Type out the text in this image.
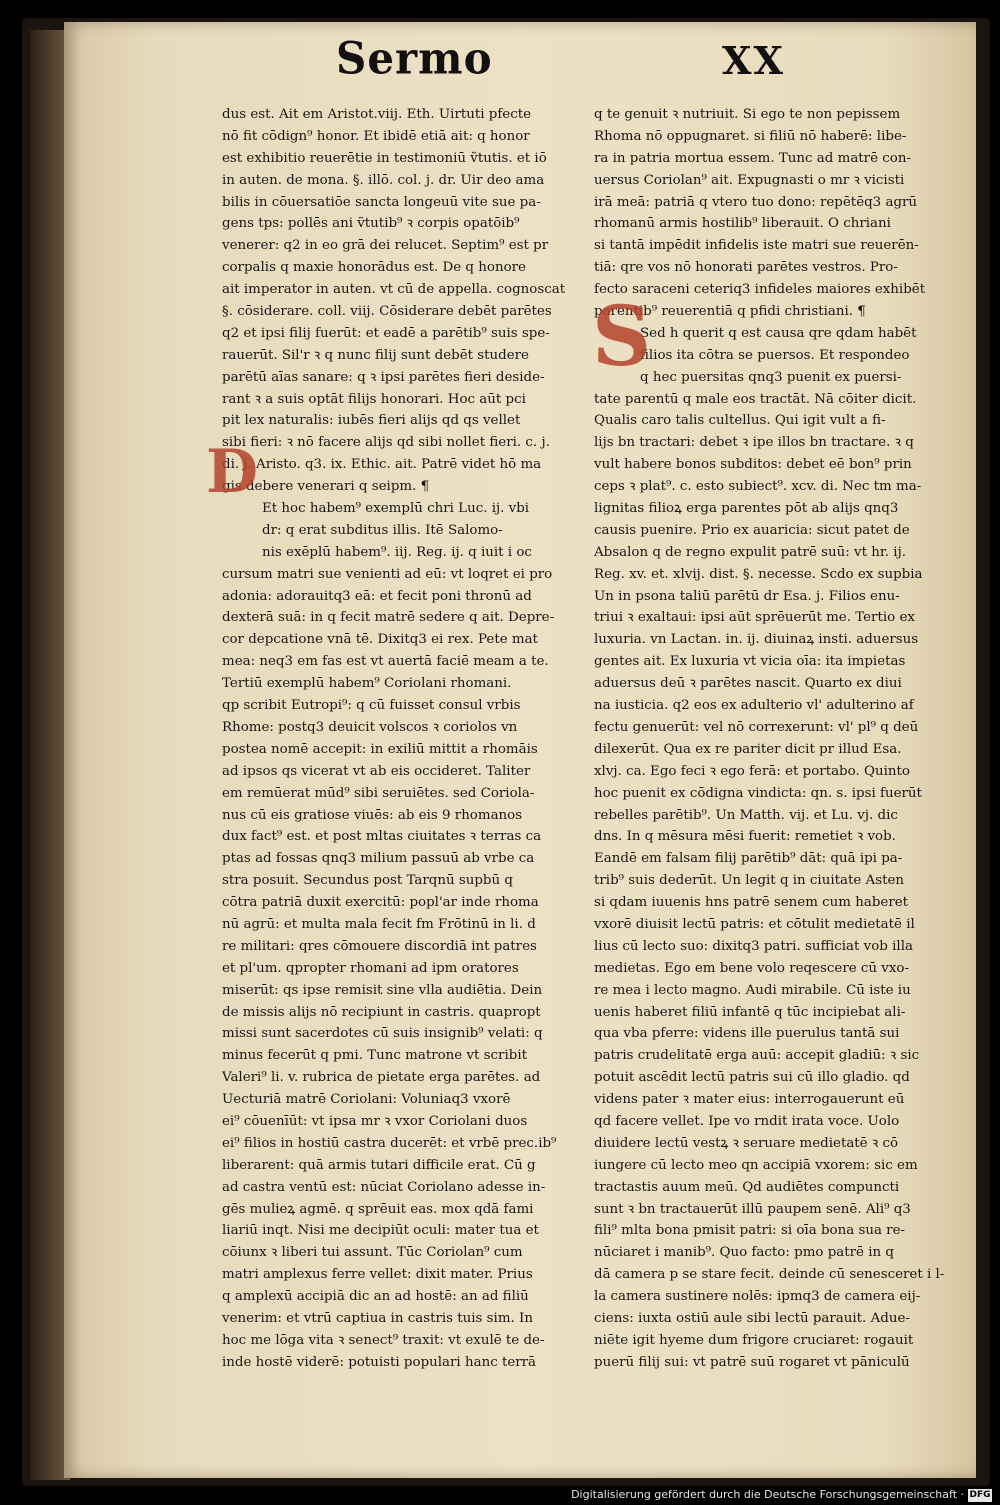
Sermo	XX
dus est. Ait em Aristot.viij. Eth. Uirtuti pfecte
nō fit cōdign⁹ honor. Et ibidē etiā ait: q honor
est exhibitio reuerētie in testimoniū ṽtutis. et iō
in auten. de mona. §. illō. col. j. dr. Uir deo ama
bilis in cōuersatiōe sancta longeuū vite sue pa-
gens tps: pollēs ani ṽtutib⁹ ꝛ corpis opatōib⁹
venerer: q2 in eo grā dei relucet. Septim⁹ est pr
corpalis q maxie honorādus est. De q honore
ait imperator in auten. vt cū de appella. cognoscat
§. cōsiderare. coll. viij. Cōsiderare debēt parētes
q2 et ipsi filij fuerūt: et eadē a parētib⁹ suis spe-
rauerūt. Sil'r ꝛ q nunc filij sunt debēt studere
parētū aīas sanare: q ꝛ ipsi parētes fieri deside-
rant ꝛ a suis optāt filijs honorari. Hoc aūt pci
pit lex naturalis: iubēs fieri alijs qd qs vellet
sibi fieri: ꝛ nō facere alijs qd sibi nollet fieri. c. j.
di. j. Aristo. q3. ix. Ethic. ait. Patrē videt hō ma
gis debere venerari q seipm. ¶
Et hoc habem⁹ exemplū chri Luc. ij. vbi
dr: q erat subditus illis. Itē Salomo-
nis exēplū habem⁹. iij. Reg. ij. q iuit i oc
cursum matri sue venienti ad eū: vt loqret ei pro
adonia: adorauitq3 eā: et fecit poni thronū ad
dexterā suā: in q fecit matrē sedere q ait. Depre-
cor depcatione vnā tē. Dixitq3 ei rex. Pete mat
mea: neq3 em fas est vt auertā faciē meam a te.
Tertiū exemplū habem⁹ Coriolani rhomani.
qp scribit Eutropi⁹: q cū fuisset consul vrbis
Rhome: postq3 deuicit volscos ꝛ coriolos vn
postea nomē accepit: in exiliū mittit a rhomāis
ad ipsos qs vicerat vt ab eis occideret. Taliter
em remūerat mūd⁹ sibi seruiētes. sed Coriola-
nus cū eis gratiose viuēs: ab eis 9 rhomanos
dux fact⁹ est. et post mltas ciuitates ꝛ terras ca
ptas ad fossas qnq3 milium passuū ab vrbe ca
stra posuit. Secundus post Tarqnū supbū q
cōtra patriā duxit exercitū: popl'ar inde rhoma
nū agrū: et multa mala fecit fm Frōtinū in li. d
re militari: qres cōmouere discordiā int patres
et pl'um. qpropter rhomani ad ipm oratores
miserūt: qs ipse remisit sine vlla audiētia. Dein
de missis alijs nō recipiunt in castris. quapropt
missi sunt sacerdotes cū suis insignib⁹ velati: q
minus fecerūt q pmi. Tunc matrone vt scribit
Valeri⁹ li. v. rubrica de pietate erga parētes. ad
Uecturiā matrē Coriolani: Voluniaq3 vxorē
ei⁹ cōuenīūt: vt ipsa mr ꝛ vxor Coriolani duos
ei⁹ filios in hostiū castra ducerēt: et vrbē prec.ib⁹
liberarent: quā armis tutari difficile erat. Cū g
ad castra ventū est: nūciat Coriolano adesse in-
gēs mulieꝝ agmē. q sprēuit eas. mox qdā fami
liariū inqt. Nisi me decipiūt oculi: mater tua et
cōiunx ꝛ liberi tui assunt. Tūc Coriolan⁹ cum
matri amplexus ferre vellet: dixit mater. Prius
q amplexū accipiā dic an ad hostē: an ad filiū
venerim: et vtrū captiua in castris tuis sim. In
hoc me lōga vita ꝛ senect⁹ traxit: vt exulē te de-
inde hostē viderē: potuisti populari hanc terrā
q te genuit ꝛ nutriuit. Si ego te non pepissem
Rhoma nō oppugnaret. si filiū nō haberē: libe-
ra in patria mortua essem. Tunc ad matrē con-
uersus Coriolan⁹ ait. Expugnasti o mr ꝛ vicisti
irā meā: patriā q vtero tuo dono: repētēq3 agrū
rhomanū armis hostilib⁹ liberauit. O chriani
si tantā impēdit infidelis iste matri sue reuerēn-
tiā: qre vos nō honorati parētes vestros. Pro-
fecto saraceni ceteriq3 infideles maiores exhibēt
parentib⁹ reuerentiā q pfidi christiani. ¶
Sed h querit q est causa qre qdam habēt
filios ita cōtra se puersos. Et respondeo
q hec puersitas qnq3 puenit ex puersi-
tate parentū q male eos tractāt. Nā cōiter dicit.
Qualis caro talis cultellus. Qui igit vult a fi-
lijs bn tractari: debet ꝛ ipe illos bn tractare. ꝛ q
vult habere bonos subditos: debet eē bon⁹ prin
ceps ꝛ plat⁹. c. esto subiect⁹. xcv. di. Nec tm ma-
lignitas filioꝝ erga parentes pōt ab alijs qnq3
causis puenire. Prio ex auaricia: sicut patet de
Absalon q de regno expulit patrē suū: vt hr. ij.
Reg. xv. et. xlvij. dist. §. necesse. Scdo ex supbia
Un in psona taliū parētū dr Esa. j. Filios enu-
triui ꝛ exaltaui: ipsi aūt sprēuerūt me. Tertio ex
luxuria. vn Lactan. in. ij. diuinaꝝ insti. aduersus
gentes ait. Ex luxuria vt vicia oīa: ita impietas
aduersus deū ꝛ parētes nascit. Quarto ex diui
na iusticia. q2 eos ex adulterio vl' adulterino af
fectu genuerūt: vel nō correxerunt: vl' pl⁹ q deū
dilexerūt. Qua ex re pariter dicit pr illud Esa.
xlvj. ca. Ego feci ꝛ ego ferā: et portabo. Quinto
hoc puenit ex cōdigna vindicta: qn. s. ipsi fuerūt
rebelles parētib⁹. Un Matth. vij. et Lu. vj. dic
dns. In q mēsura mēsi fuerit: remetiet ꝛ vob.
Eandē em falsam filij parētib⁹ dāt: quā ipi pa-
trib⁹ suis dederūt. Un legit q in ciuitate Asten
si qdam iuuenis hns patrē senem cum haberet
vxorē diuisit lectū patris: et cōtulit medietatē il
lius cū lecto suo: dixitq3 patri. sufficiat vob illa
medietas. Ego em bene volo reqescere cū vxo-
re mea i lecto magno. Audi mirabile. Cū iste iu
uenis haberet filiū infantē q tūc incipiebat ali-
qua vba pferre: videns ille puerulus tantā sui
patris crudelitatē erga auū: accepit gladiū: ꝛ sic
potuit ascēdit lectū patris sui cū illo gladio. qd
videns pater ꝛ mater eius: interrogauerunt eū
qd facere vellet. Ipe vo rndit irata voce. Uolo
diuidere lectū vestꝝ ꝛ seruare medietatē ꝛ cō
iungere cū lecto meo qn accipiā vxorem: sic em
tractastis auum meū. Qd audiētes compuncti
sunt ꝛ bn tractauerūt illū paupem senē. Ali⁹ q3
fili⁹ mlta bona pmisit patri: si oīa bona sua re-
nūciaret i manib⁹. Quo facto: pmo patrē in q
dā camera p se stare fecit. deinde cū senesceret i l-
la camera sustinere nolēs: ipmq3 de camera eij-
ciens: iuxta ostiū aule sibi lectū parauit. Adue-
niēte igit hyeme dum frigore cruciaret: rogauit
puerū filij sui: vt patrē suū rogaret vt pāniculū
S
D
Digitalisierung gefördert durch die Deutsche Forschungsgemeinschaft · DFG
